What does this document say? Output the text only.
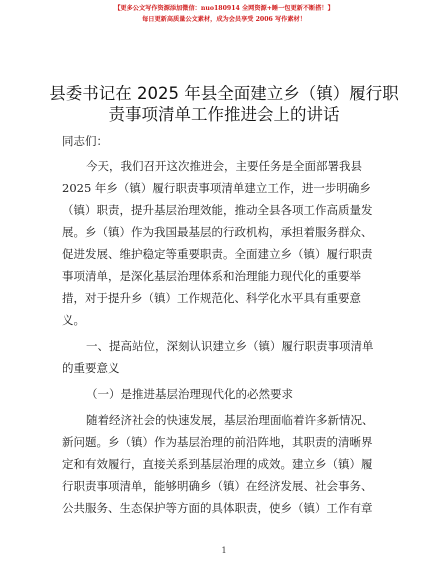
【更多公文写作资源添加微信：nuo180914 全网资源+睡一包更新不断搭！】
每日更新高质量公文素材，成为会员享受 2006 写作素材！
县委书记在 2025 年县全面建立乡（镇）履行职
责事项清单工作推进会上的讲话
同志们：
今天，我们召开这次推进会，主要任务是全面部署我县
2025 年乡（镇）履行职责事项清单建立工作，进一步明确乡
（镇）职责，提升基层治理效能，推动全县各项工作高质量发
展。乡（镇）作为我国最基层的行政机构，承担着服务群众、
促进发展、维护稳定等重要职责。全面建立乡（镇）履行职责
事项清单，是深化基层治理体系和治理能力现代化的重要举
措，对于提升乡（镇）工作规范化、科学化水平具有重要意
义。
一、提高站位，深刻认识建立乡（镇）履行职责事项清单
的重要意义
（一）是推进基层治理现代化的必然要求
随着经济社会的快速发展，基层治理面临着许多新情况、
新问题。乡（镇）作为基层治理的前沿阵地，其职责的清晰界
定和有效履行，直接关系到基层治理的成效。建立乡（镇）履
行职责事项清单，能够明确乡（镇）在经济发展、社会事务、
公共服务、生态保护等方面的具体职责，使乡（镇）工作有章
1
